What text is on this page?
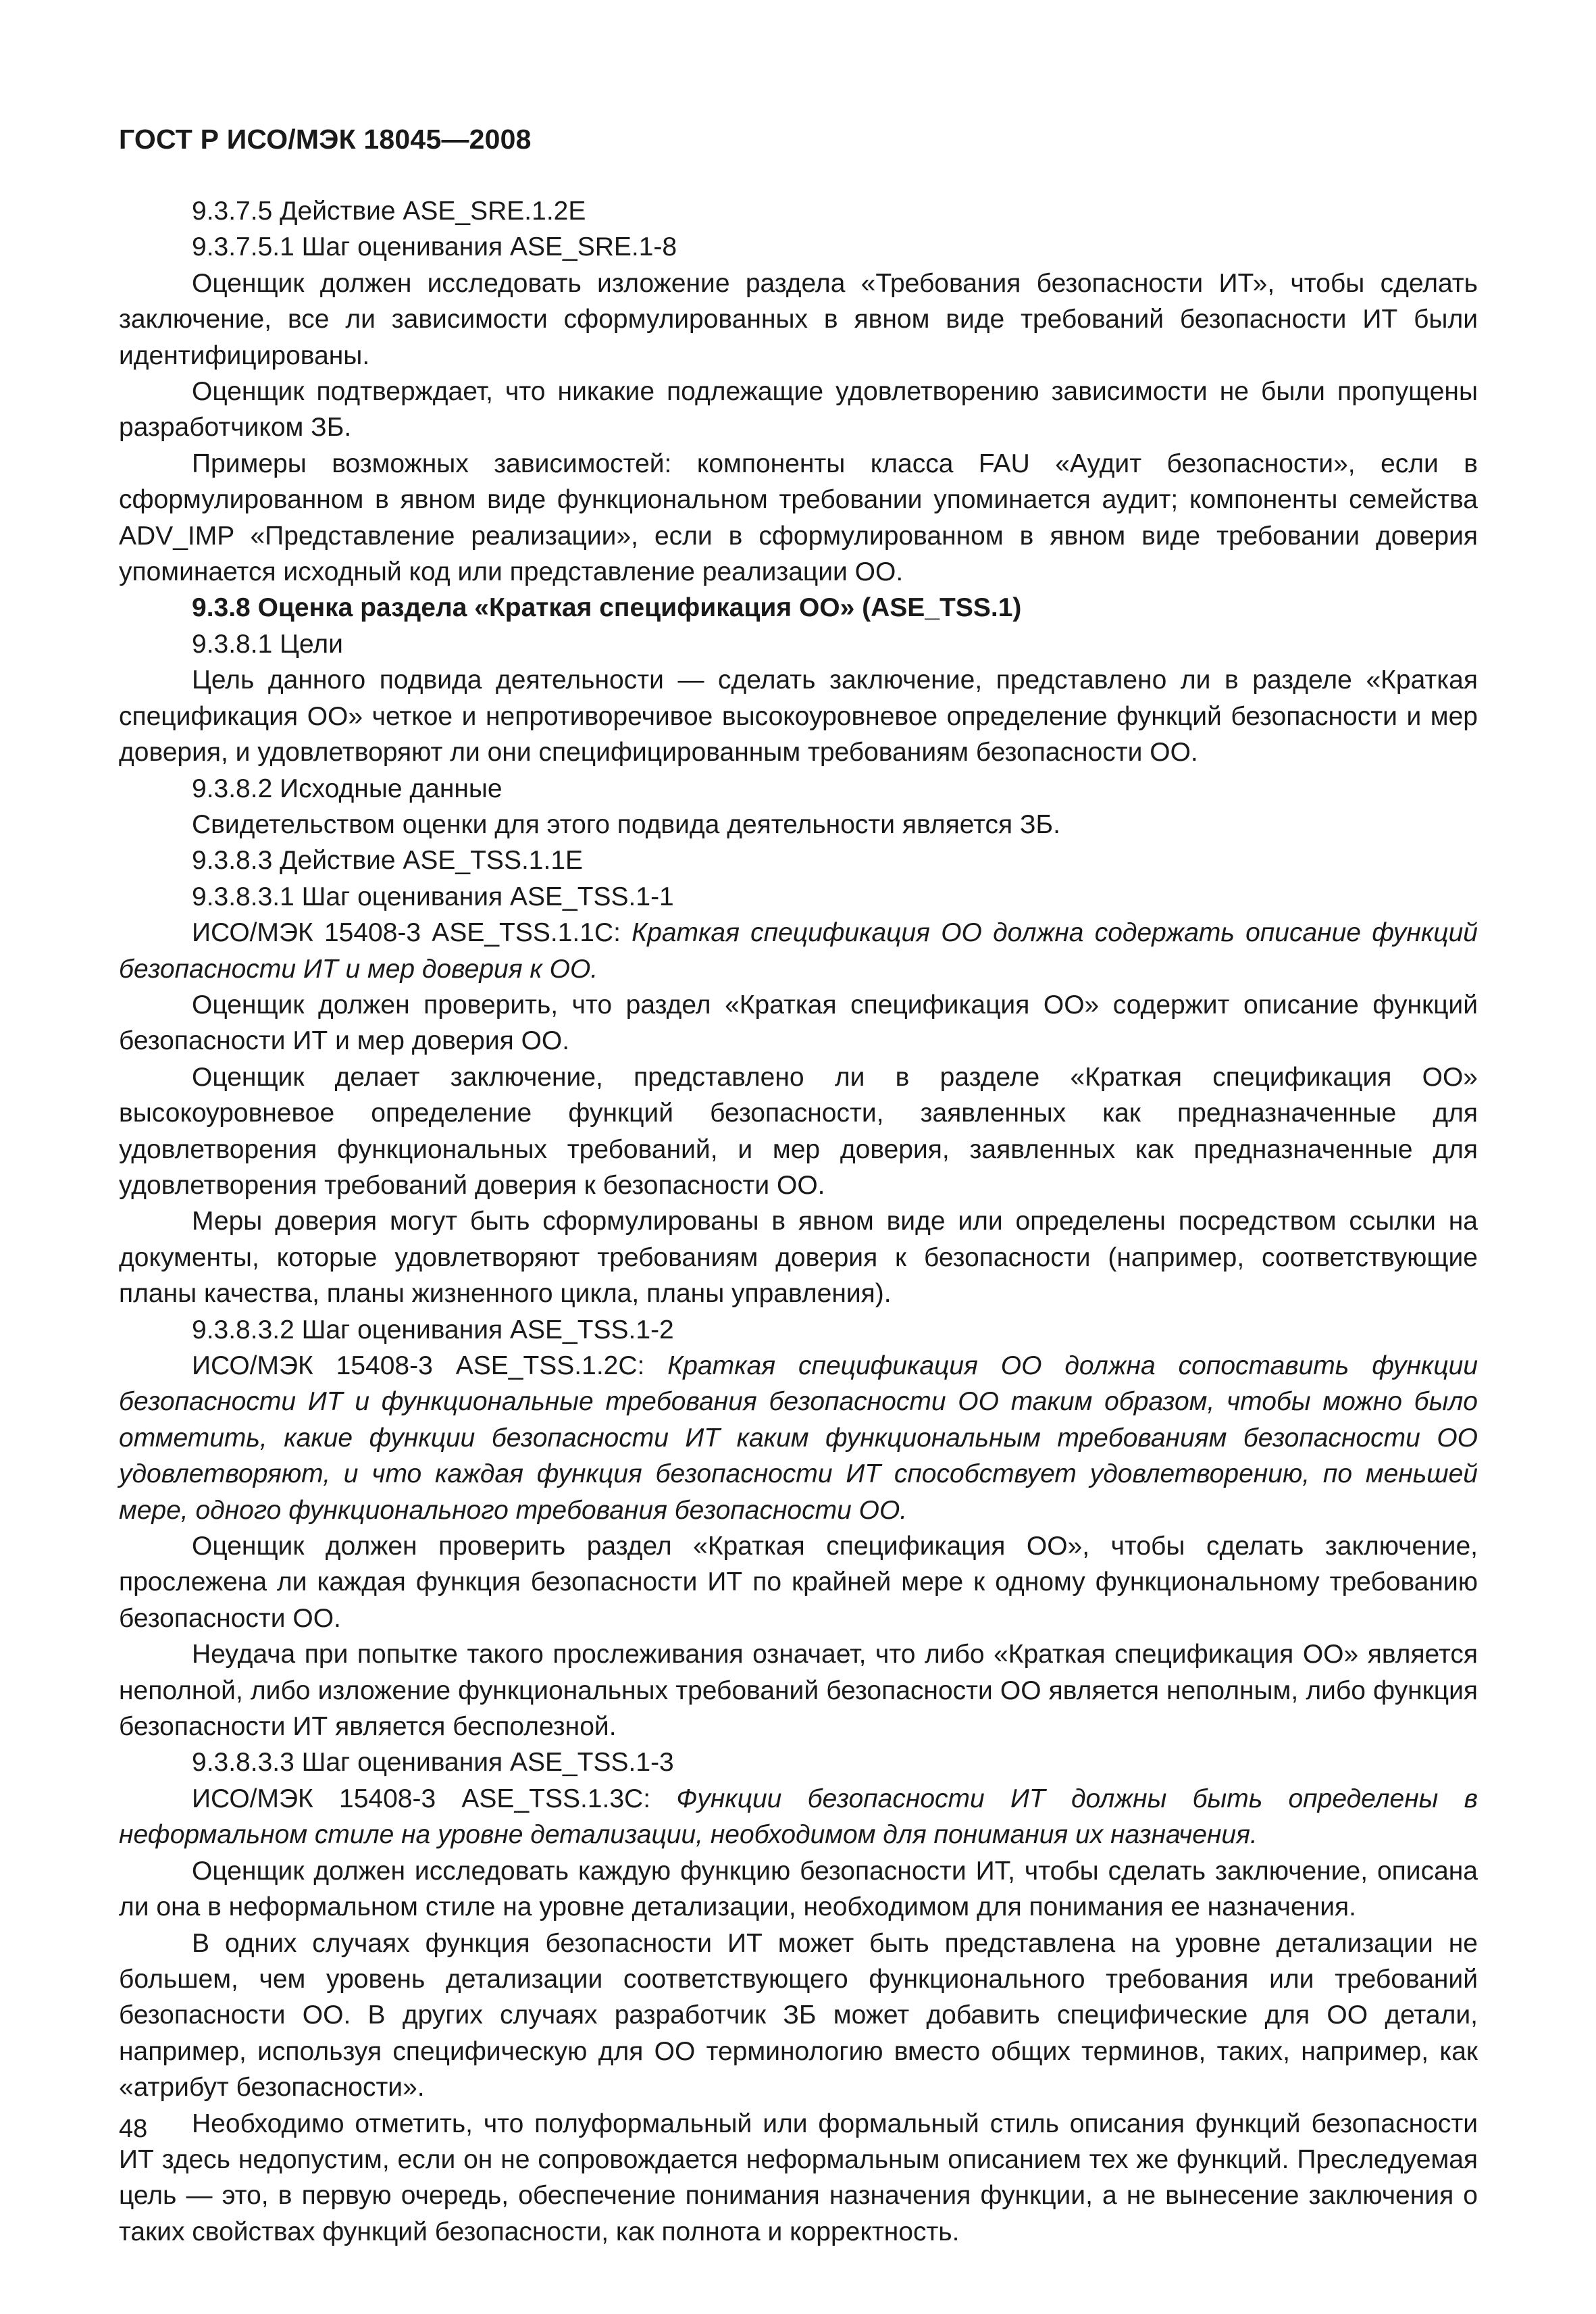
ГОСТ Р ИСО/МЭК 18045—2008

9.3.7.5 Действие ASE_SRE.1.2E

9.3.7.5.1 Шаг оценивания ASE_SRE.1-8

Оценщик должен исследовать изложение раздела «Требования безопасности ИТ», чтобы сделать заключение, все ли зависимости сформулированных в явном виде требований безопасности ИТ были идентифицированы.

Оценщик подтверждает, что никакие подлежащие удовлетворению зависимости не были пропущены разработчиком ЗБ.

Примеры возможных зависимостей: компоненты класса FAU «Аудит безопасности», если в сформулированном в явном виде функциональном требовании упоминается аудит; компоненты семейства ADV_IMP «Представление реализации», если в сформулированном в явном виде требовании доверия упоминается исходный код или представление реализации ОО.

9.3.8 Оценка раздела «Краткая спецификация ОО» (ASE_TSS.1)

9.3.8.1 Цели

Цель данного подвида деятельности — сделать заключение, представлено ли в разделе «Краткая спецификация ОО» четкое и непротиворечивое высокоуровневое определение функций безопасности и мер доверия, и удовлетворяют ли они специфицированным требованиям безопасности ОО.

9.3.8.2 Исходные данные

Свидетельством оценки для этого подвида деятельности является ЗБ.

9.3.8.3 Действие ASE_TSS.1.1E

9.3.8.3.1 Шаг оценивания ASE_TSS.1-1

ИСО/МЭК 15408-3 ASE_TSS.1.1C: Краткая спецификация ОО должна содержать описание функций безопасности ИТ и мер доверия к ОО.

Оценщик должен проверить, что раздел «Краткая спецификация ОО» содержит описание функций безопасности ИТ и мер доверия ОО.

Оценщик делает заключение, представлено ли в разделе «Краткая спецификация ОО» высокоуровневое определение функций безопасности, заявленных как предназначенные для удовлетворения функциональных требований, и мер доверия, заявленных как предназначенные для удовлетворения требований доверия к безопасности ОО.

Меры доверия могут быть сформулированы в явном виде или определены посредством ссылки на документы, которые удовлетворяют требованиям доверия к безопасности (например, соответствующие планы качества, планы жизненного цикла, планы управления).

9.3.8.3.2 Шаг оценивания ASE_TSS.1-2

ИСО/МЭК 15408-3 ASE_TSS.1.2C: Краткая спецификация ОО должна сопоставить функции безопасности ИТ и функциональные требования безопасности ОО таким образом, чтобы можно было отметить, какие функции безопасности ИТ каким функциональным требованиям безопасности ОО удовлетворяют, и что каждая функция безопасности ИТ способствует удовлетворению, по меньшей мере, одного функционального требования безопасности ОО.

Оценщик должен проверить раздел «Краткая спецификация ОО», чтобы сделать заключение, прослежена ли каждая функция безопасности ИТ по крайней мере к одному функциональному требованию безопасности ОО.

Неудача при попытке такого прослеживания означает, что либо «Краткая спецификация ОО» является неполной, либо изложение функциональных требований безопасности ОО является неполным, либо функция безопасности ИТ является бесполезной.

9.3.8.3.3 Шаг оценивания ASE_TSS.1-3

ИСО/МЭК 15408-3 ASE_TSS.1.3C: Функции безопасности ИТ должны быть определены в неформальном стиле на уровне детализации, необходимом для понимания их назначения.

Оценщик должен исследовать каждую функцию безопасности ИТ, чтобы сделать заключение, описана ли она в неформальном стиле на уровне детализации, необходимом для понимания ее назначения.

В одних случаях функция безопасности ИТ может быть представлена на уровне детализации не большем, чем уровень детализации соответствующего функционального требования или требований безопасности ОО. В других случаях разработчик ЗБ может добавить специфические для ОО детали, например, используя специфическую для ОО терминологию вместо общих терминов, таких, например, как «атрибут безопасности».

Необходимо отметить, что полуформальный или формальный стиль описания функций безопасности ИТ здесь недопустим, если он не сопровождается неформальным описанием тех же функций. Преследуемая цель — это, в первую очередь, обеспечение понимания назначения функции, а не вынесение заключения о таких свойствах функций безопасности, как полнота и корректность.

48
